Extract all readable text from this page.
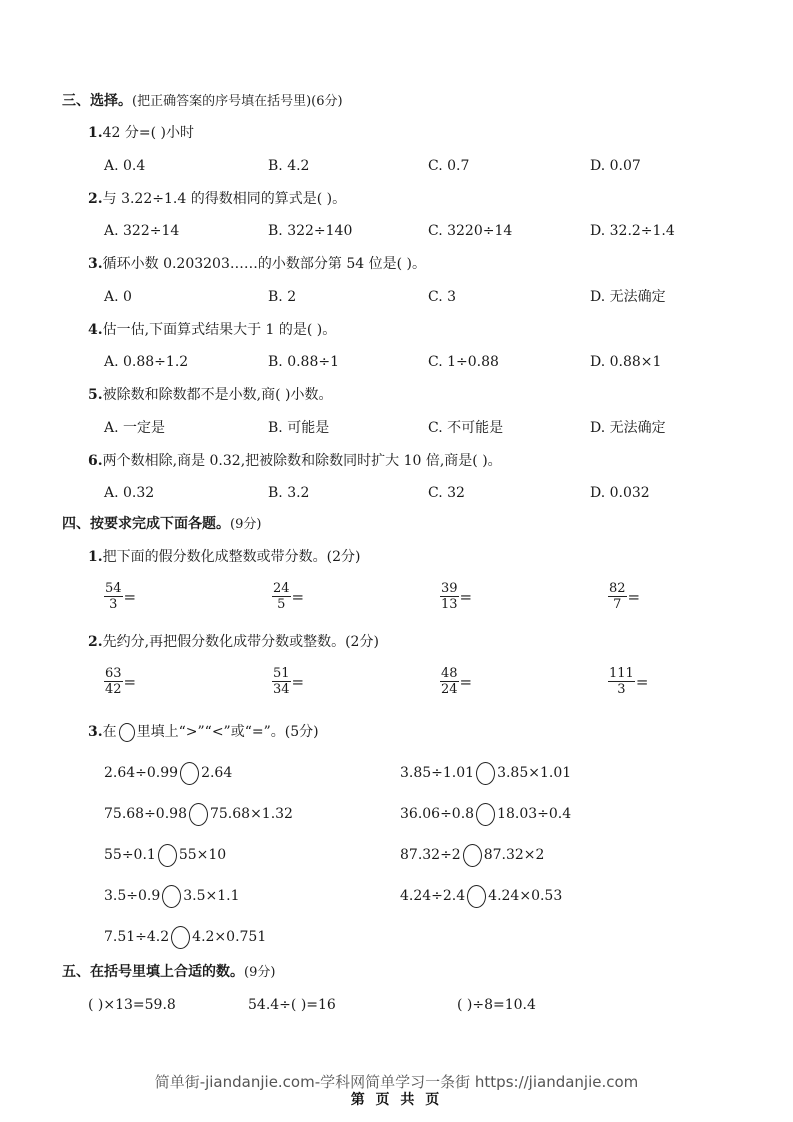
三、选择。(把正确答案的序号填在括号里)(6分)
1.42 分=( )小时
A. 0.4	B. 4.2	C. 0.7	D. 0.07
2.与 3.22÷1.4 的得数相同的算式是( )。
A. 322÷14	B. 322÷140	C. 3220÷14	D. 32.2÷1.4
3.循环小数 0.203203……的小数部分第 54 位是( )。
A. 0	B. 2	C. 3	D. 无法确定
4.估一估,下面算式结果大于 1 的是( )。
A. 0.88÷1.2	B. 0.88÷1	C. 1÷0.88	D. 0.88×1
5.被除数和除数都不是小数,商( )小数。
A. 一定是	B. 可能是	C. 不可能是	D. 无法确定
6.两个数相除,商是 0.32,把被除数和除数同时扩大 10 倍,商是( )。
A. 0.32	B. 3.2	C. 32	D. 0.032
四、按要求完成下面各题。(9分)
1.把下面的假分数化成整数或带分数。(2分)
$\frac{54}{3}$ =	$\frac{24}{5}$ =	$\frac{39}{13}$ =	$\frac{82}{7}$ =
2.先约分,再把假分数化成带分数或整数。(2分)
$\frac{63}{42}$ =	$\frac{51}{34}$ =	$\frac{48}{24}$ =	$\frac{111}{3}$ =
3. 在 里填上“>”“<”或“=”。(5分)
2.64÷0.99 2.64	3.85÷1.01 3.85×1.01
75.68÷0.98 75.68×1.32	36.06÷0.8 18.03÷0.4
55÷0.1 55×10	87.32÷2 87.32×2
3.5÷0.9 3.5×1.1	4.24÷2.4 4.24×0.53
7.51÷4.2 4.2×0.751
五、在括号里填上合适的数。(9分)
( )×13=59.8	54.4÷( )=16	( )÷8=10.4
简单街-jiandanjie.com-学科网简单学习一条街 https://jiandanjie.com
第 页 共 页
